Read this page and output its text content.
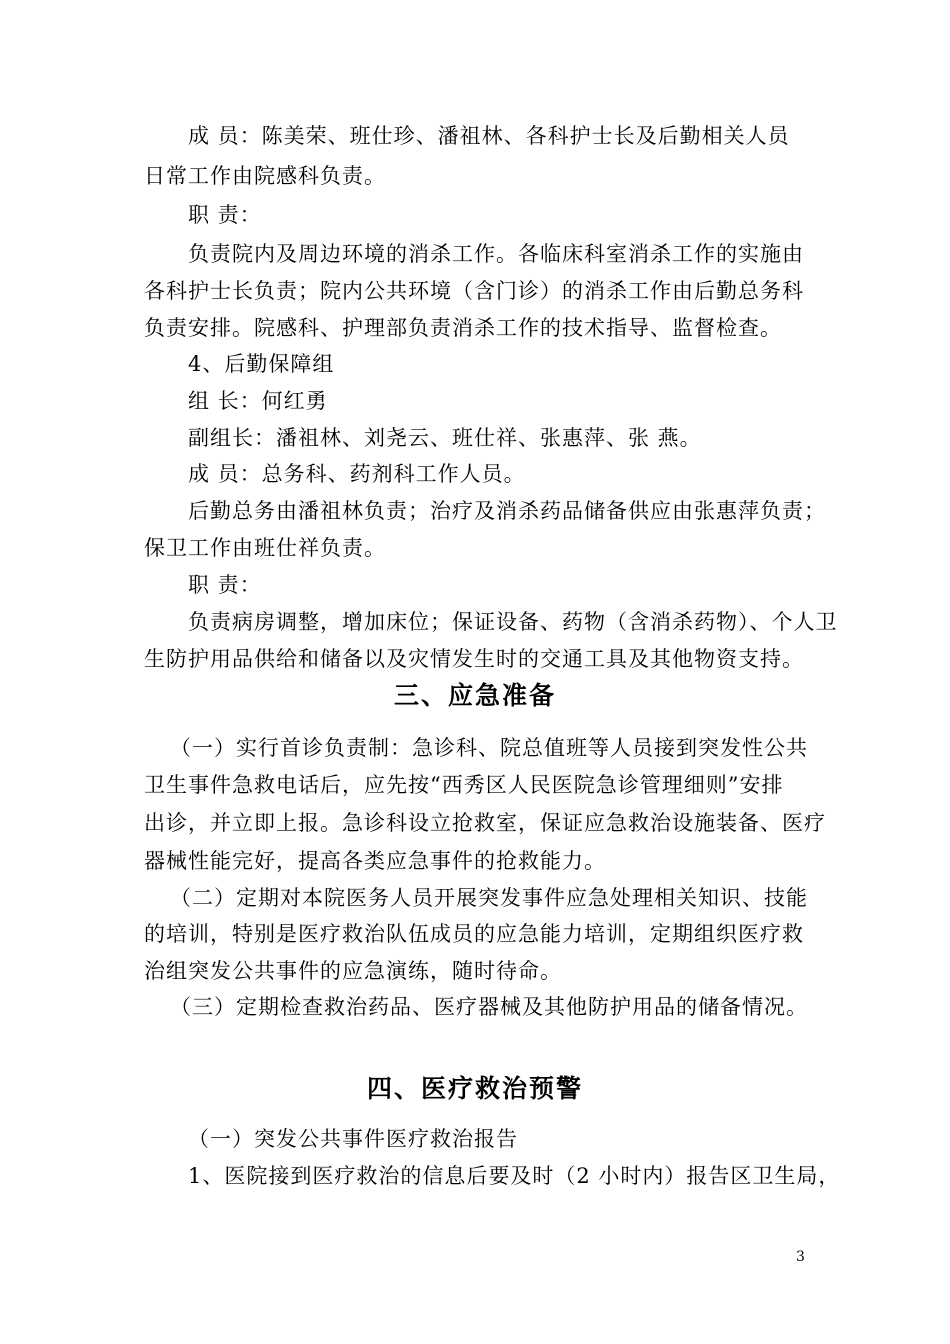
成 员：陈美荣、班仕珍、潘祖林、各科护士长及后勤相关人员
日常工作由院感科负责。
职 责：
负责院内及周边环境的消杀工作。各临床科室消杀工作的实施由
各科护士长负责；院内公共环境（含门诊）的消杀工作由后勤总务科
负责安排。院感科、护理部负责消杀工作的技术指导、监督检查。
4、后勤保障组
组 长：何红勇
副组长：潘祖林、刘尧云、班仕祥、张惠萍、张 燕。
成 员：总务科、药剂科工作人员。
后勤总务由潘祖林负责；治疗及消杀药品储备供应由张惠萍负责；
保卫工作由班仕祥负责。
职 责：
负责病房调整，增加床位；保证设备、药物（含消杀药物）、个人卫
生防护用品供给和储备以及灾情发生时的交通工具及其他物资支持。
三、应急准备
（一）实行首诊负责制：急诊科、院总值班等人员接到突发性公共
卫生事件急救电话后，应先按“西秀区人民医院急诊管理细则”安排
出诊，并立即上报。急诊科设立抢救室，保证应急救治设施装备、医疗
器械性能完好，提高各类应急事件的抢救能力。
（二）定期对本院医务人员开展突发事件应急处理相关知识、技能
的培训，特别是医疗救治队伍成员的应急能力培训，定期组织医疗救
治组突发公共事件的应急演练，随时待命。
（三）定期检查救治药品、医疗器械及其他防护用品的储备情况。
四、医疗救治预警
（一）突发公共事件医疗救治报告
1、医院接到医疗救治的信息后要及时（2 小时内）报告区卫生局，
3
